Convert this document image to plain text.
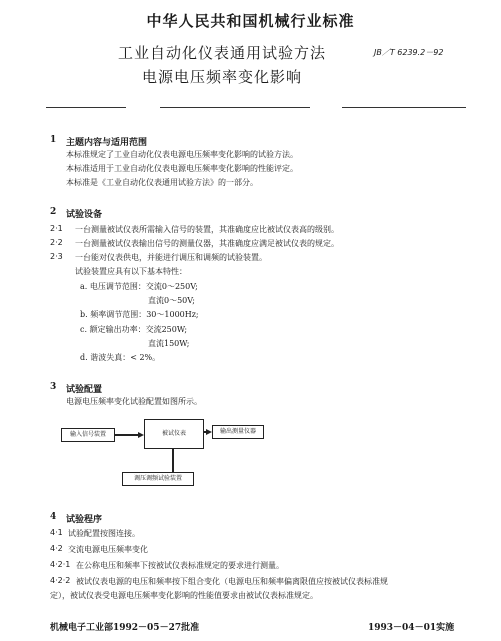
中华人民共和国机械行业标准
工业自动化仪表通用试验方法
电源电压频率变化影响
JB／T 6239.2－92
1 主题内容与适用范围
本标准规定了工业自动化仪表电源电压频率变化影响的试验方法。
本标准适用于工业自动化仪表电源电压频率变化影响的性能评定。
本标准是《工业自动化仪表通用试验方法》的一部分。
2 试验设备
2·1 一台测量被试仪表所需输入信号的装置，其准确度应比被试仪表高的级别。
2·2 一台测量被试仪表输出信号的测量仪器，其准确度应满足被试仪表的规定。
2·3 一台能对仪表供电，并能进行调压和调频的试验装置。
试验装置应具有以下基本特性：
a. 电压调节范围：交流0～250V;
直流0～50V;
b. 频率调节范围：30～1000Hz;
c. 额定输出功率：交流250W;
直流150W;
d. 谐波失真：< 2%。
3 试验配置
电源电压频率变化试验配置如图所示。
输入信号装置	被试仪表	输出测量仪器
调压调频试验装置
4 试验程序
4·1 试验配置按图连接。
4·2 交流电源电压频率变化
4·2·1 在公称电压和频率下按被试仪表标准规定的要求进行测量。
4·2·2 被试仪表电源的电压和频率按下组合变化（电源电压和频率偏离限值应按被试仪表标准规
定），被试仪表受电源电压频率变化影响的性能值要求由被试仪表标准规定。
机械电子工业部1992－05－27批准	1993－04－01实施
